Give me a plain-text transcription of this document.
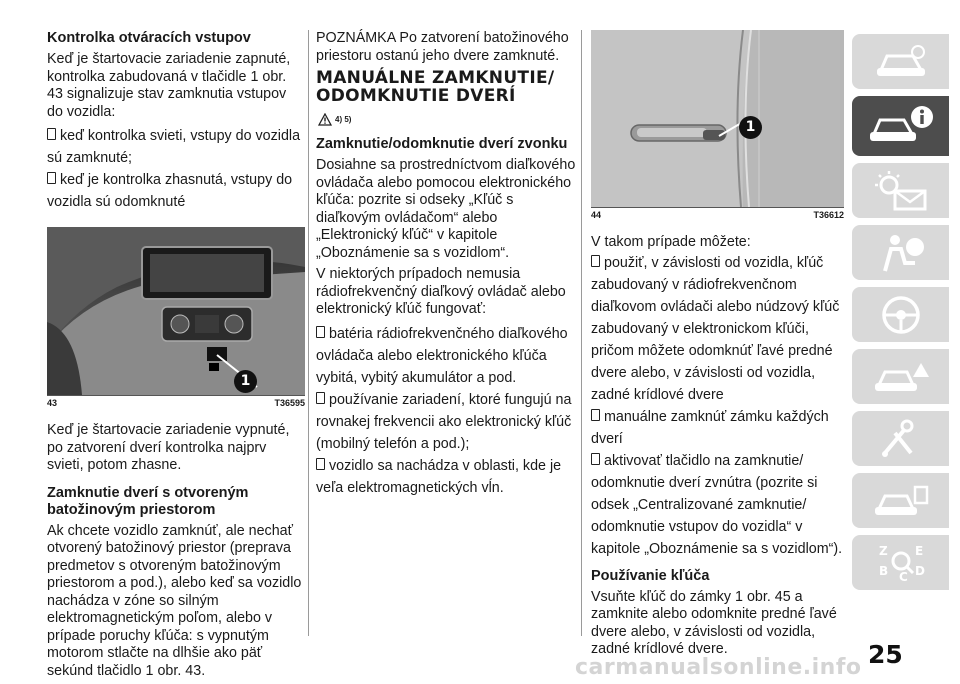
Kontrolka otváracích vstupov

Keď je štartovacie zariadenie zapnuté, kontrolka zabudovaná v tlačidle 1 obr. 43 signalizuje stav zamknutia vstupov do vozidla:

keď kontrolka svieti, vstupy do vozidla sú zamknuté;
keď je kontrolka zhasnutá, vstupy do vozidla sú odomknuté
1
43	T36595

Keď je štartovacie zariadenie vypnuté, po zatvorení dverí kontrolka najprv svieti, potom zhasne.

Zamknutie dverí s otvoreným batožinovým priestorom

Ak chcete vozidlo zamknúť, ale nechať otvorený batožinový priestor (preprava predmetov s otvoreným batožinovým priestorom a pod.), alebo keď sa vozidlo nachádza v zóne so silným elektromagnetickým poľom, alebo v prípade poruchy kľúča: s vypnutým motorom stlačte na dlhšie ako päť sekúnd tlačidlo 1 obr. 43.

POZNÁMKA Po zatvorení batožinového priestoru ostanú jeho dvere zamknuté.

MANUÁLNE ZAMKNUTIE/ ODOMKNUTIE DVERÍ
4) 5)
Zamknutie/odomknutie dverí zvonku

Dosiahne sa prostredníctvom diaľkového ovládača alebo pomocou elektronického kľúča: pozrite si odseky „Kľúč s diaľkovým ovládačom“ alebo „Elektronický kľúč“ v kapitole „Oboznámenie sa s vozidlom“.

V niektorých prípadoch nemusia rádiofrekvenčný diaľkový ovládač alebo elektronický kľúč fungovať:

batéria rádiofrekvenčného diaľkového ovládača alebo elektronického kľúča vybitá, vybitý akumulátor a pod.
používanie zariadení, ktoré fungujú na rovnakej frekvencii ako elektronický kľúč (mobilný telefón a pod.);
vozidlo sa nachádza v oblasti, kde je veľa elektromagnetických vĺn.
1
44	T36612

V takom prípade môžete:

použiť, v závislosti od vozidla, kľúč zabudovaný v rádiofrekvenčnom diaľkovom ovládači alebo núdzový kľúč zabudovaný v elektronickom kľúči, pričom môžete odomknúť ľavé predné dvere alebo, v závislosti od vozidla, zadné krídlové dvere
manuálne zamknúť zámku každých dverí
aktivovať tlačidlo na zamknutie/ odomknutie dverí zvnútra (pozrite si odsek „Centralizované zamknutie/ odomknutie vstupov do vozidla“ v kapitole „Oboznámenie sa s vozidlom“).
Používanie kľúča

Vsuňte kľúč do zámky 1 obr. 45 a zamknite alebo odomknite predné ľavé dvere alebo, v závislosti od vozidla, zadné krídlové dvere.

Z E
B C D
25
carmanualsonline.info
